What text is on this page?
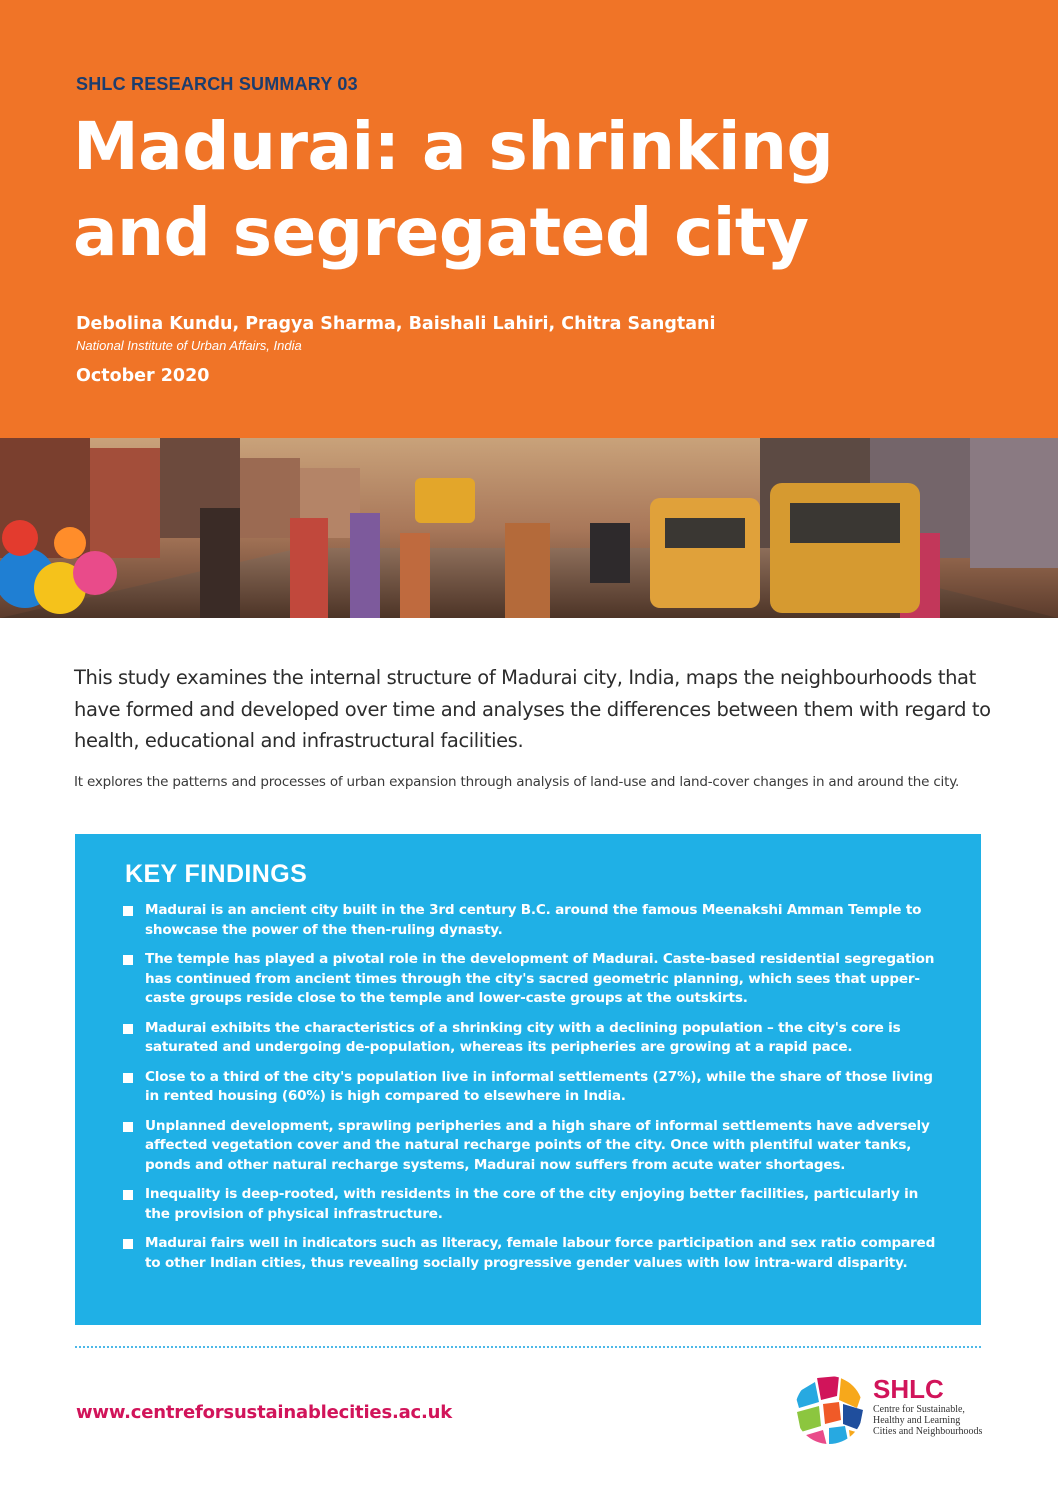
SHLC RESEARCH SUMMARY 03
Madurai: a shrinking
and segregated city
Debolina Kundu, Pragya Sharma, Baishali Lahiri, Chitra Sangtani
National Institute of Urban Affairs, India
October 2020

This study examines the internal structure of Madurai city, India, maps the neighbourhoods that have formed and developed over time and analyses the differences between them with regard to health, educational and infrastructural facilities.

It explores the patterns and processes of urban expansion through analysis of land-use and land-cover changes in and around the city.

KEY FINDINGS
Madurai is an ancient city built in the 3rd century B.C. around the famous Meenakshi Amman Temple to showcase the power of the then-ruling dynasty.
The temple has played a pivotal role in the development of Madurai. Caste-based residential segregation has continued from ancient times through the city's sacred geometric planning, which sees that upper-caste groups reside close to the temple and lower-caste groups at the outskirts.
Madurai exhibits the characteristics of a shrinking city with a declining population – the city's core is saturated and undergoing de-population, whereas its peripheries are growing at a rapid pace.
Close to a third of the city's population live in informal settlements (27%), while the share of those living in rented housing (60%) is high compared to elsewhere in India.
Unplanned development, sprawling peripheries and a high share of informal settlements have adversely affected vegetation cover and the natural recharge points of the city. Once with plentiful water tanks, ponds and other natural recharge systems, Madurai now suffers from acute water shortages.
Inequality is deep-rooted, with residents in the core of the city enjoying better facilities, particularly in the provision of physical infrastructure.
Madurai fairs well in indicators such as literacy, female labour force participation and sex ratio compared to other Indian cities, thus revealing socially progressive gender values with low intra-ward disparity.
www.centreforsustainablecities.ac.uk
SHLC
Centre for Sustainable, Healthy and Learning Cities and Neighbourhoods
